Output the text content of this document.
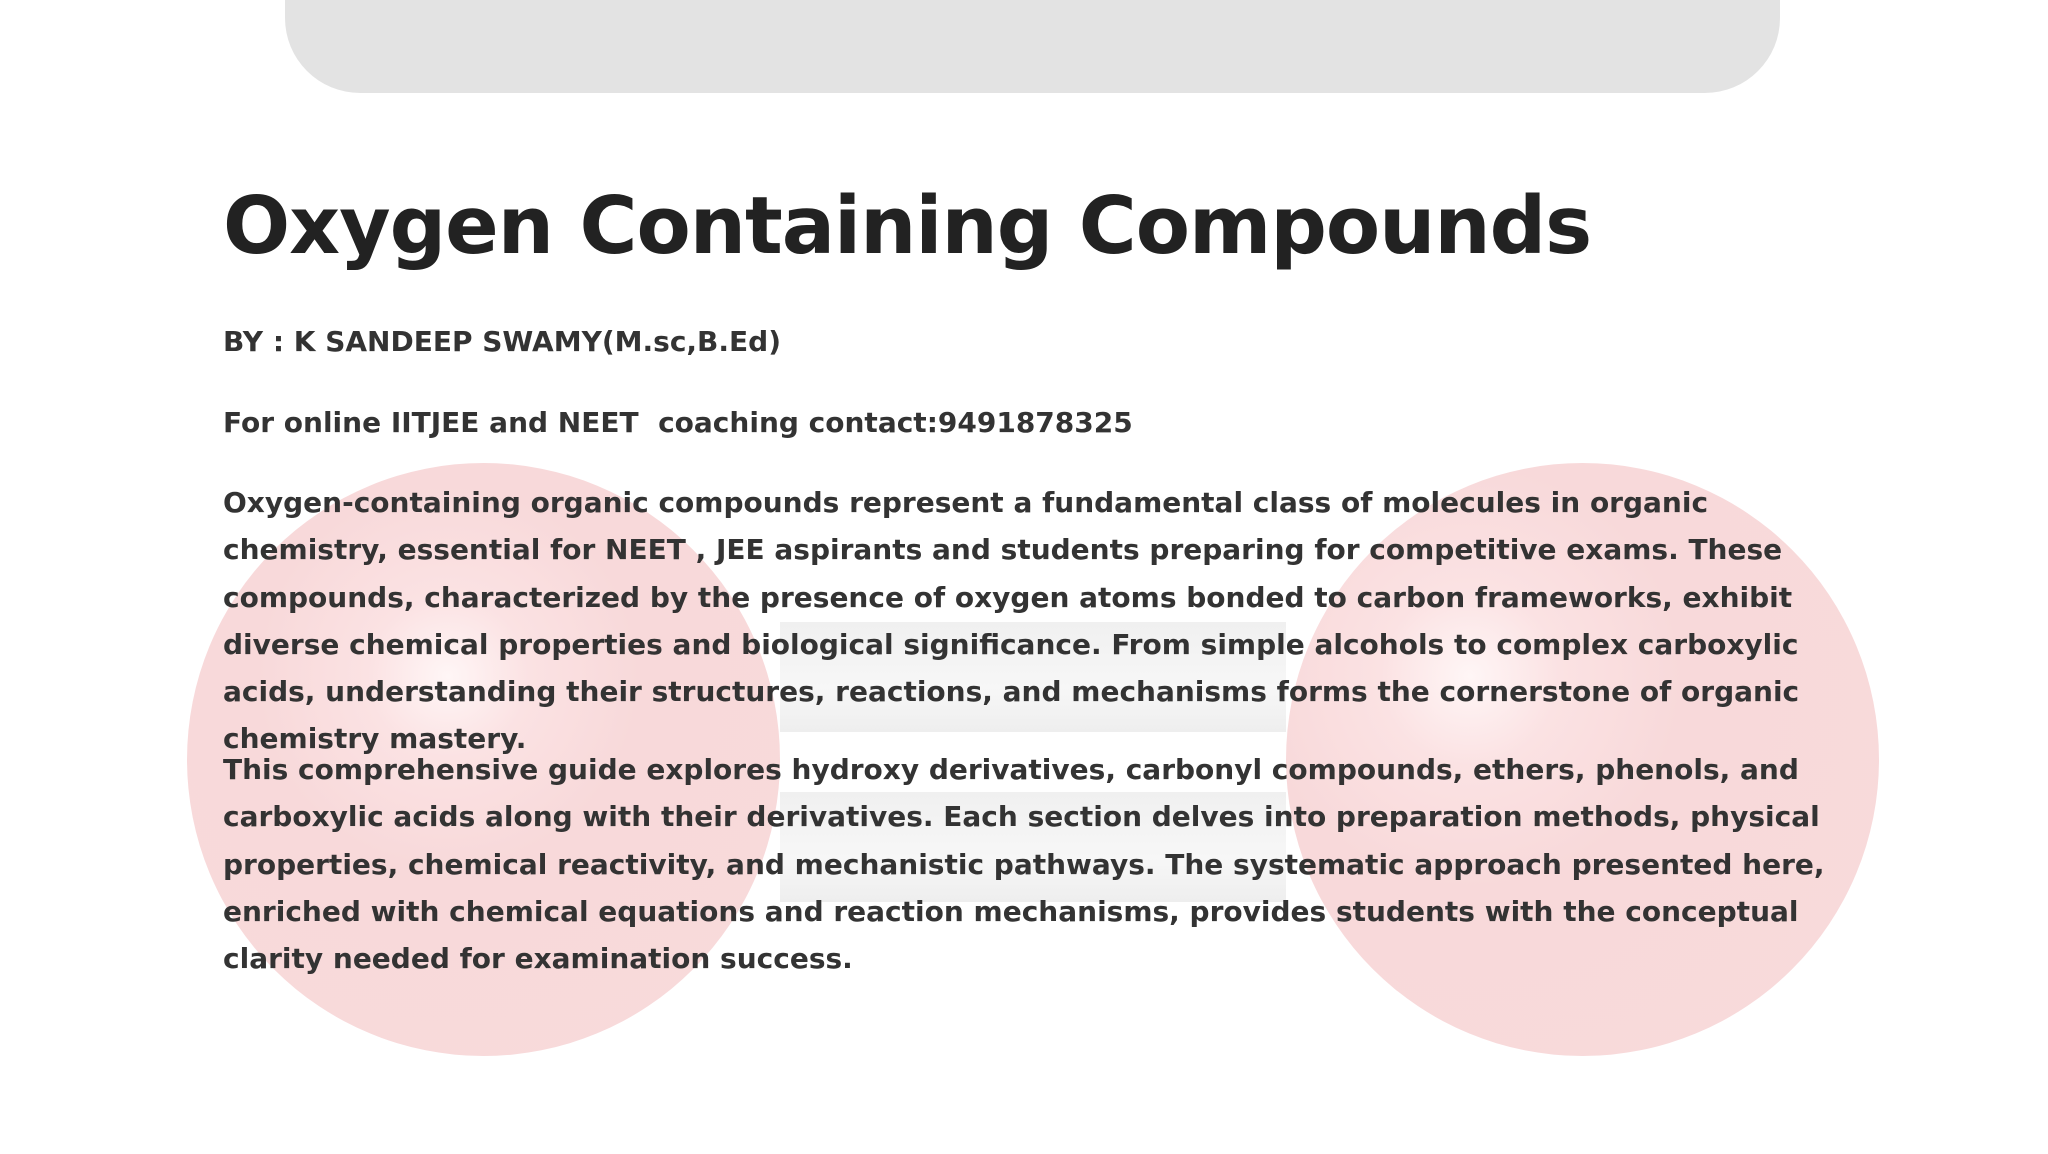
Oxygen Containing Compounds

BY : K SANDEEP SWAMY(M.sc,B.Ed)

For online IITJEE and NEET  coaching contact:9491878325

Oxygen-containing organic compounds represent a fundamental class of molecules in organic chemistry, essential for NEET , JEE aspirants and students preparing for competitive exams. These compounds, characterized by the presence of oxygen atoms bonded to carbon frameworks, exhibit diverse chemical properties and biological significance. From simple alcohols to complex carboxylic acids, understanding their structures, reactions, and mechanisms forms the cornerstone of organic chemistry mastery.

This comprehensive guide explores hydroxy derivatives, carbonyl compounds, ethers, phenols, and carboxylic acids along with their derivatives. Each section delves into preparation methods, physical properties, chemical reactivity, and mechanistic pathways. The systematic approach presented here, enriched with chemical equations and reaction mechanisms, provides students with the conceptual clarity needed for examination success.
